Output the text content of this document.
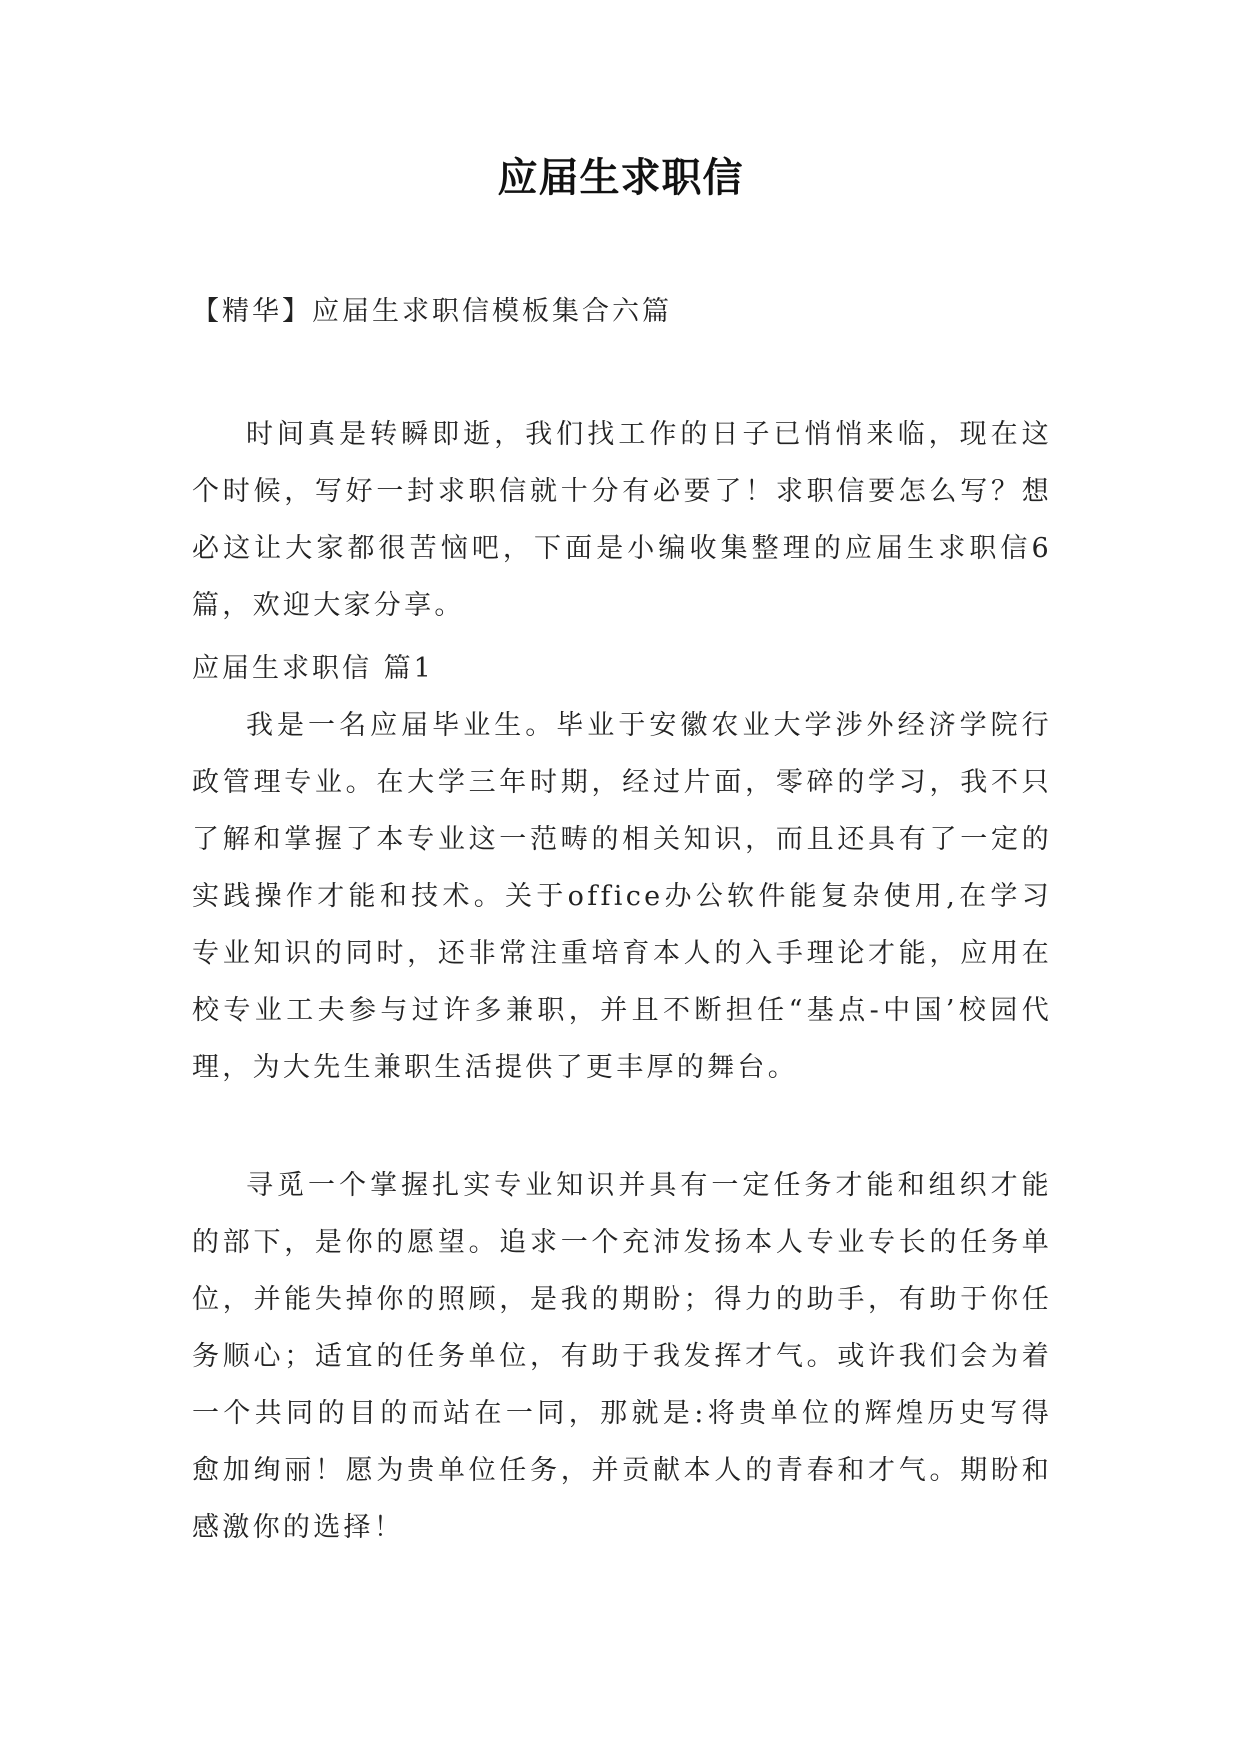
应届生求职信
【精华】应届生求职信模板集合六篇

时间真是转瞬即逝，我们找工作的日子已悄悄来临，现在这个时候，写好一封求职信就十分有必要了！求职信要怎么写？想必这让大家都很苦恼吧，下面是小编收集整理的应届生求职信6篇，欢迎大家分享。

应届生求职信 篇1

我是一名应届毕业生。毕业于安徽农业大学涉外经济学院行政管理专业。在大学三年时期，经过片面，零碎的学习，我不只了解和掌握了本专业这一范畴的相关知识，而且还具有了一定的实践操作才能和技术。关于office办公软件能复杂使用,在学习专业知识的同时，还非常注重培育本人的入手理论才能，应用在校专业工夫参与过许多兼职，并且不断担任“基点-中国’校园代理，为大先生兼职生活提供了更丰厚的舞台。

寻觅一个掌握扎实专业知识并具有一定任务才能和组织才能的部下，是你的愿望。追求一个充沛发扬本人专业专长的任务单位，并能失掉你的照顾，是我的期盼；得力的助手，有助于你任务顺心；适宜的任务单位，有助于我发挥才气。或许我们会为着一个共同的目的而站在一同，那就是:将贵单位的辉煌历史写得愈加绚丽！愿为贵单位任务，并贡献本人的青春和才气。期盼和感激你的选择！
